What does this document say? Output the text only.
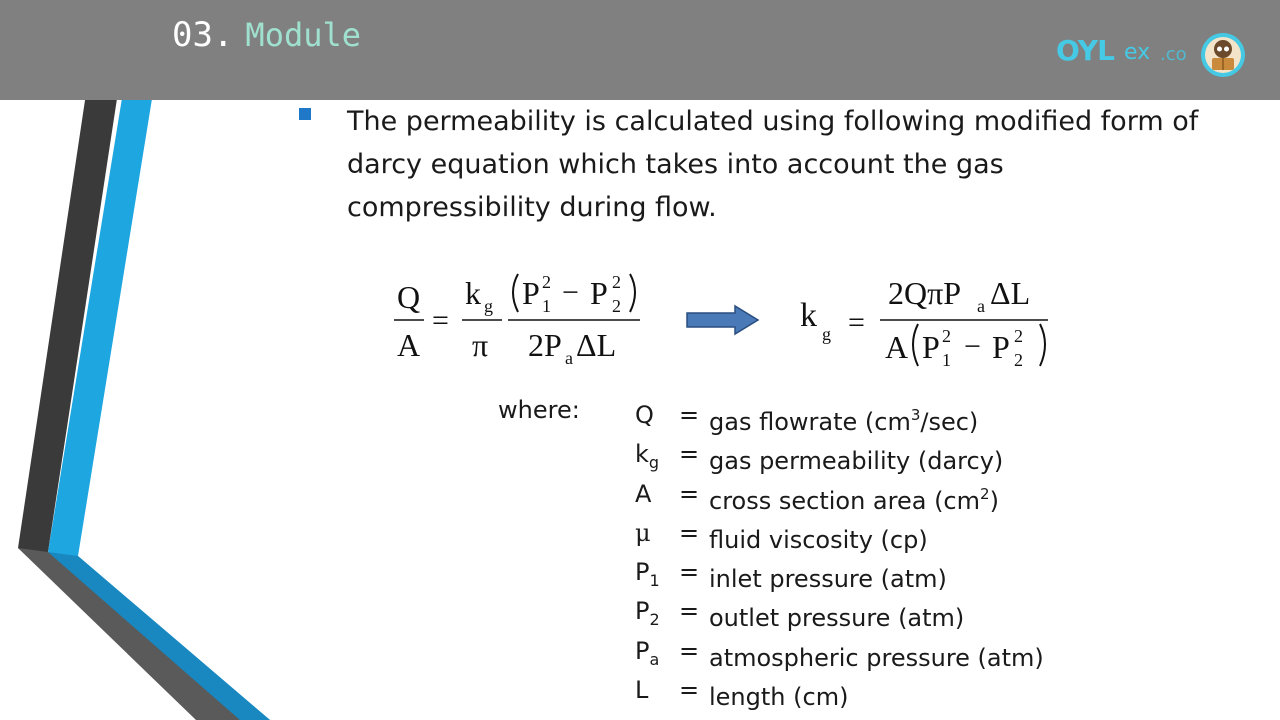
03. Module	OYL ex .co
The permeability is calculated using following modified form of darcy equation which takes into account the gas compressibility during flow.
Q
A
=
k g
π
P 2
1 − P 2
2
2P a ΔL
k g =
2QπP a ΔL
A P 2
1 − P 2
2
where: Q	= gas flowrate $(cm^3/\sec)$
$k_g$ = gas permeability (darcy)
A	= cross section area $(cm^2)$
μ	= fluid viscosity (cp)
$P_1$ = inlet pressure (atm)
$P_2$ = outlet pressure (atm)
$P_a$ = atmospheric pressure (atm)
L	= length (cm)
